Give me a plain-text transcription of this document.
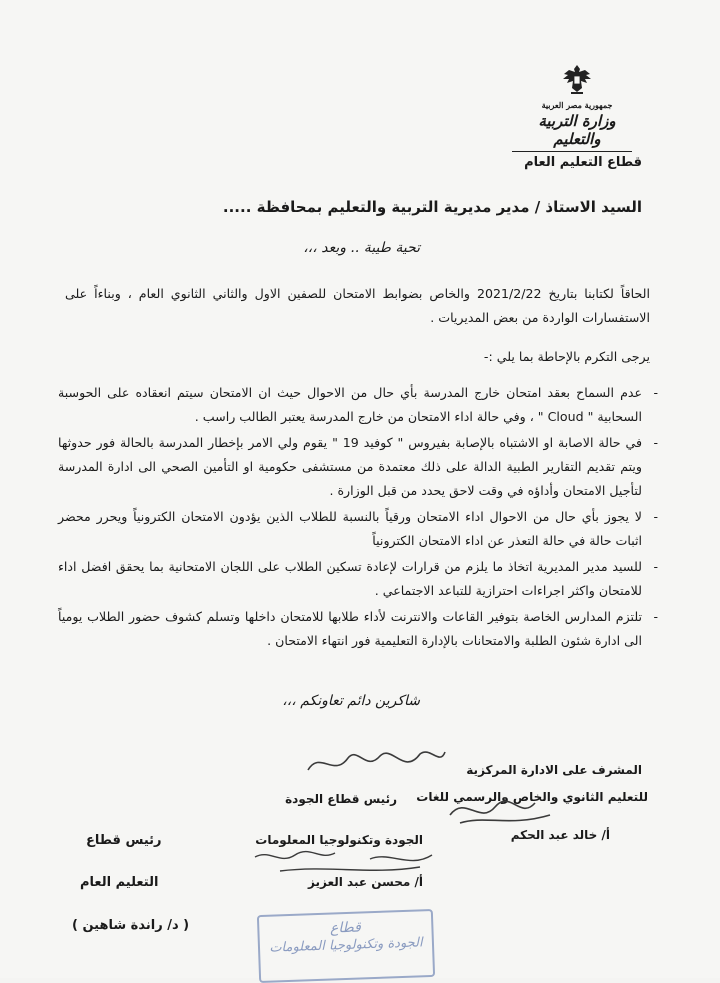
جمهورية مصر العربية
وزارة التربية والتعليم
قطاع التعليم العام
السيد الاستاذ / مدير مديرية التربية والتعليم بمحافظة .....
تحية طيبة .. وبعد ،،،
الحاقاً لكتابنا بتاريخ 2021/2/22 والخاص بضوابط الامتحان للصفين الاول والثاني الثانوي العام ، وبناءاً على الاستفسارات الواردة من بعض المديريات .
يرجى التكرم بالإحاطة بما يلي :-
- عدم السماح بعقد امتحان خارج المدرسة بأي حال من الاحوال حيث ان الامتحان سيتم انعقاده على الحوسبة السحابية " Cloud " ، وفي حالة اداء الامتحان من خارج المدرسة يعتبر الطالب راسب .
- في حالة الاصابة او الاشتباه بالإصابة بفيروس " كوفيد 19 " يقوم ولي الامر بإخطار المدرسة بالحالة فور حدوثها ويتم تقديم التقارير الطبية الدالة على ذلك معتمدة من مستشفى حكومية او التأمين الصحي الى ادارة المدرسة لتأجيل الامتحان وأداؤه في وقت لاحق يحدد من قبل الوزارة .
- لا يجوز بأي حال من الاحوال اداء الامتحان ورقياً بالنسبة للطلاب الذين يؤدون الامتحان الكترونياً ويحرر محضر اثبات حالة في حالة التعذر عن اداء الامتحان الكترونياً
- للسيد مدير المديرية اتخاذ ما يلزم من قرارات لإعادة تسكين الطلاب على اللجان الامتحانية بما يحقق افضل اداء للامتحان واكثر اجراءات احترازية للتباعد الاجتماعي .
- تلتزم المدارس الخاصة بتوفير القاعات والانترنت لأداء طلابها للامتحان داخلها وتسلم كشوف حضور الطلاب يومياً الى ادارة شئون الطلبة والامتحانات بالإدارة التعليمية فور انتهاء الامتحان .
شاكرين دائم تعاونكم ،،،
المشرف على الادارة المركزية
للتعليم الثانوي والخاص والرسمي للغات
أ/ خالد عبد الحكم
رئيس قطاع الجودة
الجودة وتكنولوجيا المعلومات
أ/ محسن عبد العزيز
رئيس قطاع
التعليم العام
( د/ راندة شاهين )	قطاع
الجودة وتكنولوجيا المعلومات
